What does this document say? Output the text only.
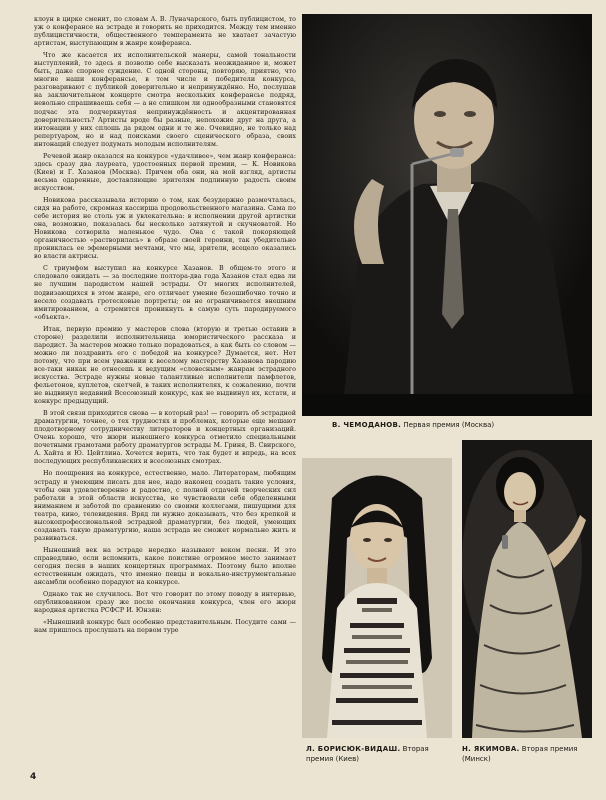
клоун в цирке сменит, по словам А. В. Луначарского, быть публицистом, то уж о конферансе на эстраде и говорить не приходится. Между тем именно публицистичности, общественного темперамента не хватает зачастую артистам, выступающим в жанре конферанса.

Что же касается их исполнительской манеры, самой тональности выступлений, то здесь я позволю себе высказать неожиданное и, может быть, даже спорное суждение. С одной стороны, повторяю, приятно, что многие наши конферансье, в том числе и победители конкурса, разговаривают с публикой доверительно и непринуждённо. Но, послушав на заключительном концерте смотра нескольких конферансье подряд, невольно спрашиваешь себя — а не слишком ли однообразными становятся подчас эта подчеркнутая непринуждённость и акцентированная доверительность? Артисты вроде бы разные, непохожие друг на друга, а интонации у них сплошь да рядом одни и те же. Очевидно, не только над репертуаром, но и над поисками своего сценического образа, своих интонаций следует подумать молодым исполнителям.

Речевой жанр оказался на конкурсе «удачливее», чем жанр конферанса: здесь сразу два лауреата, удостоенных первой премии, — К. Новикова (Киев) и Г. Хазанов (Москва). Причем оба они, на мой взгляд, артисты весьма одаренные, доставляющие зрителям подлинную радость своим искусством.

Новикова рассказывала историю о том, как безудержно размечталась, сидя на работе, скромная кассирша продовольственного магазина. Сама по себе история не столь уж и увлекательна: в исполнении другой артистки она, возможно, показалась бы несколько затянутой и скучноватой. Но Новикова сотворила маленькое чудо. Она с такой покоряющей органичностью «растворилась» в образе своей героини, так убедительно прониклась ее эфемерными мечтами, что мы, зрители, всецело оказались во власти актрисы.

С триумфом выступил на конкурсе Хазанов. В общем-то этого и следовало ожидать — за последние полтора-два года Хазанов стал едва ли не лучшим пародистом нашей эстрады. От многих исполнителей, подвизающихся в этом жанре, его отличает умение безошибочно точно и весело создавать гротесковые портреты; он не ограничивается внешним имитированием, а стремится проникнуть в самую суть пародируемого «объекта».

Итак, первую премию у мастеров слова (вторую и третью оставив в стороне) разделили исполнительница юмористического рассказа и пародист. За мастеров можно только порадоваться, а как быть со словом — можно ли поздравить его с победой на конкурсе? Думается, нет. Нет потому, что при всем уважении к веселому мастерству Хазанова пародию все-таки никак не отнесешь к ведущим «словесным» жанрам эстрадного искусства. Эстраде нужны новые талантливые исполнители памфлетов, фельетонов, куплетов, скетчей, в таких исполнителях, к сожалению, почти не выдвинул недавний Всесоюзный конкурс, как не выдвинул их, кстати, и конкурс предыдущий.

В этой связи приходится снова — в который раз! — говорить об эстрадной драматургии, точнее, о тех трудностях и проблемах, которые еще мешают плодотворному сотрудничеству литераторов и концертных организаций. Очень хорошо, что жюри нынешнего конкурса отметило специальными почетными грамотами работу драматургов эстрады М. Гриня, В. Свирского, А. Хайта и Ю. Цейтлина. Хочется верить, что так будет и впредь, на всех последующих республиканских и всесоюзных смотрах.

Но поощрения на конкурсе, естественно, мало. Литераторам, любящим эстраду и умеющим писать для нее, надо наконец создать такие условия, чтобы они удовлетворенно и радостно, с полной отдачей творческих сил работали в этой области искусства, не чувствовали себя обделенными вниманием и заботой по сравнению со своими коллегами, пишущими для театра, кино, телевидения. Вряд ли нужно доказывать, что без крепкой и высокопрофессиональной эстрадной драматургии, без людей, умеющих создавать такую драматургию, наша эстрада не сможет нормально жить и развиваться.

Нынешний век на эстраде нередко называют веком песни. И это справедливо, если вспомнить, какое поистине огромное место занимает сегодня песня в наших концертных программах. Поэтому было вполне естественным ожидать, что именно певцы и вокально-инструментальные ансамбли особенно порадуют на конкурсе.

Однако так не случилось. Вот что говорит по этому поводу в интервью, опубликованном сразу же после окончания конкурса, член его жюри народная артистка РСФСР И. Юнзян:

«Нынешний конкурс был особенно представительным. Посудите сами — нам пришлось прослушать на первом туре

В. ЧЕМОДАНОВ. Первая премия (Москва)
Л. БОРИСЮК-ВИДАШ. Вторая премия (Киев)
Н. ЯКИМОВА. Вторая премия (Минск)
4
